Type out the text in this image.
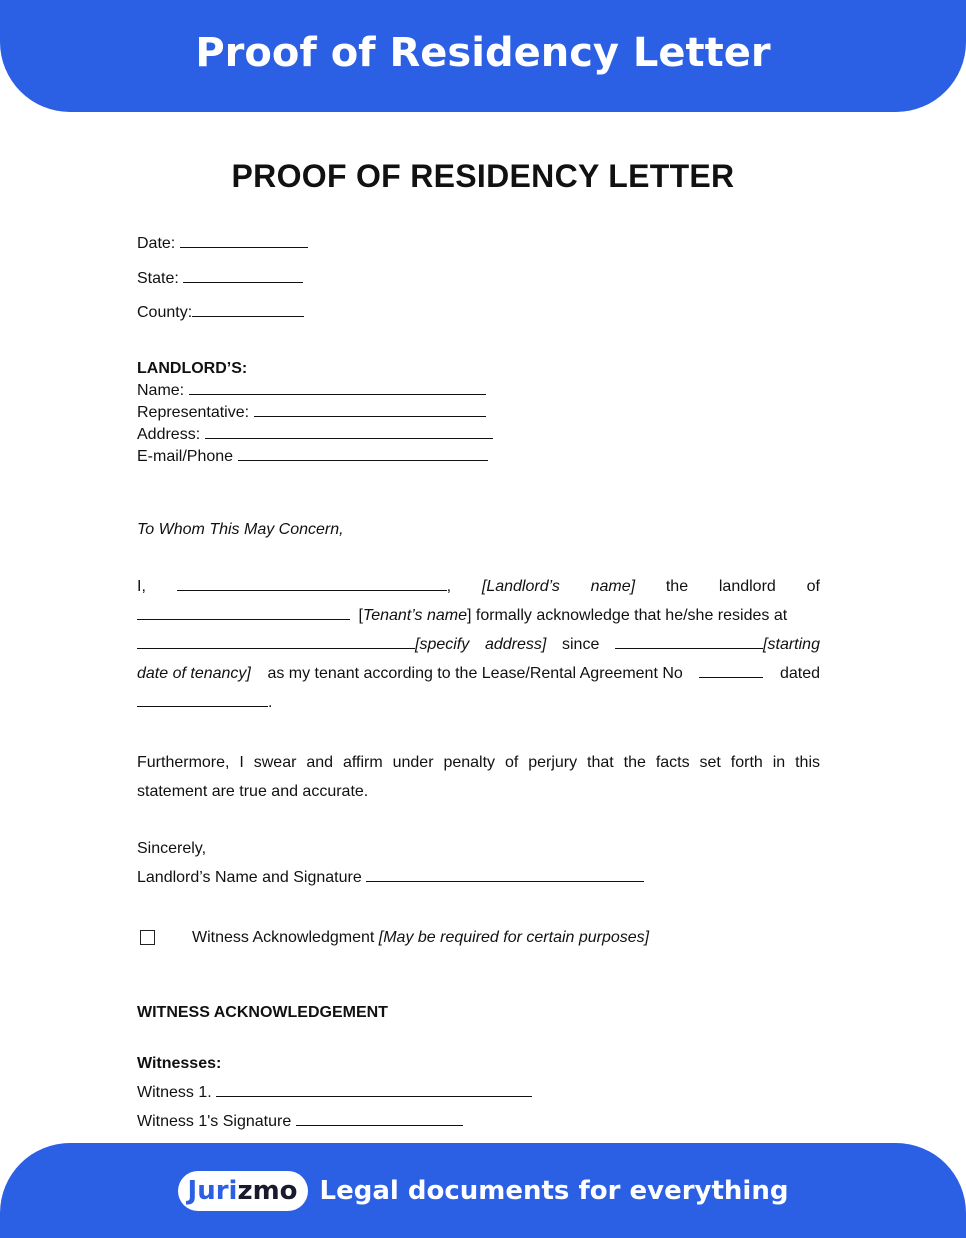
Proof of Residency Letter
PROOF OF RESIDENCY LETTER
Date:
State:
County:
LANDLORD’S:
Name:
Representative:
Address:
E-mail/Phone
To Whom This May Concern,
I,	, [Landlord’s name] the landlord of
[Tenant’s name] formally acknowledge that he/she resides at
[specify address] since	[starting
date of tenancy] as my tenant according to the Lease/Rental Agreement No	dated
.
Furthermore, I swear and affirm under penalty of perjury that the facts set forth in this
statement are true and accurate.
Sincerely,
Landlord’s Name and Signature
Witness Acknowledgment [May be required for certain purposes]
WITNESS ACKNOWLEDGEMENT
Witnesses:
Witness 1.
Witness 1's Signature
Juri zmo Legal documents for everything
